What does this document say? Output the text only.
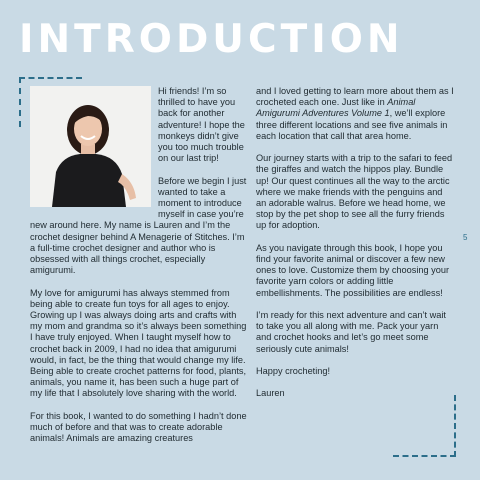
INTRODUCTION

Hi friends! I’m so thrilled to have you back for another adventure! I hope the monkeys didn’t give you too much trouble on our last trip!

Before we begin I just wanted to take a moment to introduce myself in case you’re new around here. My name is Lauren and I’m the crochet designer behind A Menagerie of Stitches. I’m a full-time crochet designer and author who is obsessed with all things crochet, especially amigurumi.

My love for amigurumi has always stemmed from being able to create fun toys for all ages to enjoy. Growing up I was always doing arts and crafts with my mom and grandma so it’s always been something I have truly enjoyed. When I taught myself how to crochet back in 2009, I had no idea that amigurumi would, in fact, be the thing that would change my life. Being able to create crochet patterns for food, plants, animals, you name it, has been such a huge part of my life that I absolutely love sharing with the world.

For this book, I wanted to do something I hadn’t done much of before and that was to create adorable animals! Animals are amazing creatures

and I loved getting to learn more about them as I crocheted each one. Just like in Animal Amigurumi Adventures Volume 1, we’ll explore three different locations and see five animals in each location that call that area home.

Our journey starts with a trip to the safari to feed the giraffes and watch the hippos play. Bundle up! Our quest continues all the way to the arctic where we make friends with the penguins and an adorable walrus. Before we head home, we stop by the pet shop to see all the furry friends up for adoption.

As you navigate through this book, I hope you find your favorite animal or discover a few new ones to love. Customize them by choosing your favorite yarn colors or adding little embellishments. The possibilities are endless!

I’m ready for this next adventure and can’t wait to take you all along with me. Pack your yarn and crochet hooks and let’s go meet some seriously cute animals!

Happy crocheting!

Lauren

5
